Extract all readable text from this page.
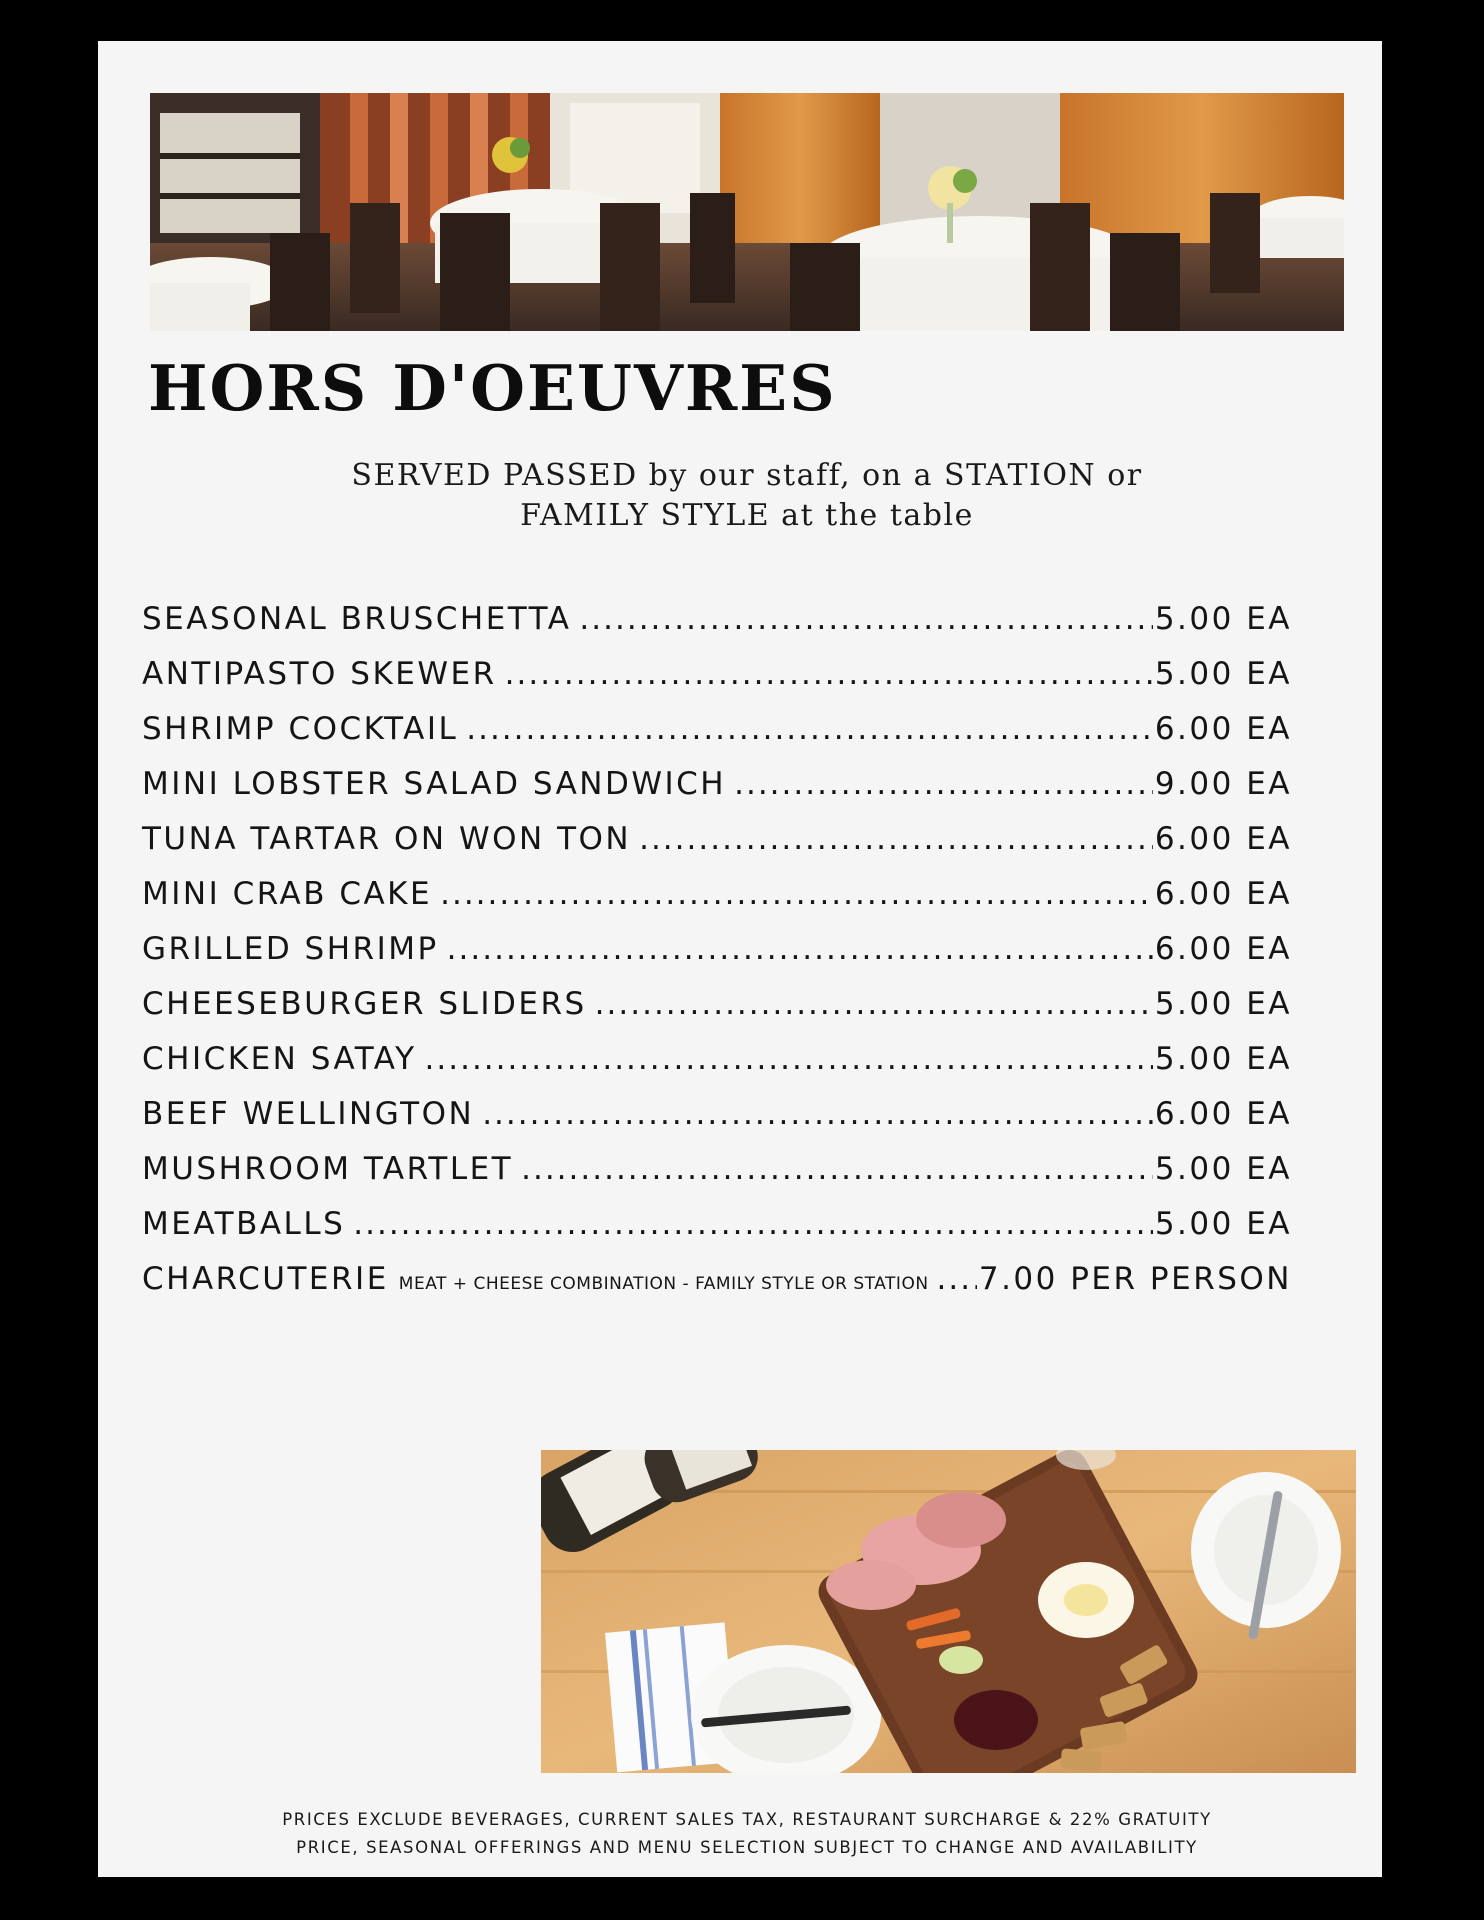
HORS D'OEUVRES
SERVED PASSED by our staff, on a STATION or
FAMILY STYLE at the table
SEASONAL BRUSCHETTA .....	5.00 EA
ANTIPASTO SKEWER .....	5.00 EA
SHRIMP COCKTAIL .....	6.00 EA
MINI LOBSTER SALAD SANDWICH .....	9.00 EA
TUNA TARTAR ON WON TON .....	6.00 EA
MINI CRAB CAKE .....	6.00 EA
GRILLED SHRIMP .....	6.00 EA
CHEESEBURGER SLIDERS .....	5.00 EA
CHICKEN SATAY .....	5.00 EA
BEEF WELLINGTON .....	6.00 EA
MUSHROOM TARTLET .....	5.00 EA
MEATBALLS .....	5.00 EA
CHARCUTERIE MEAT + CHEESE COMBINATION - FAMILY STYLE OR STATION ..... 7.00 PER PERSON
PRICES EXCLUDE BEVERAGES, CURRENT SALES TAX, RESTAURANT SURCHARGE & 22% GRATUITY
PRICE, SEASONAL OFFERINGS AND MENU SELECTION SUBJECT TO CHANGE AND AVAILABILITY
